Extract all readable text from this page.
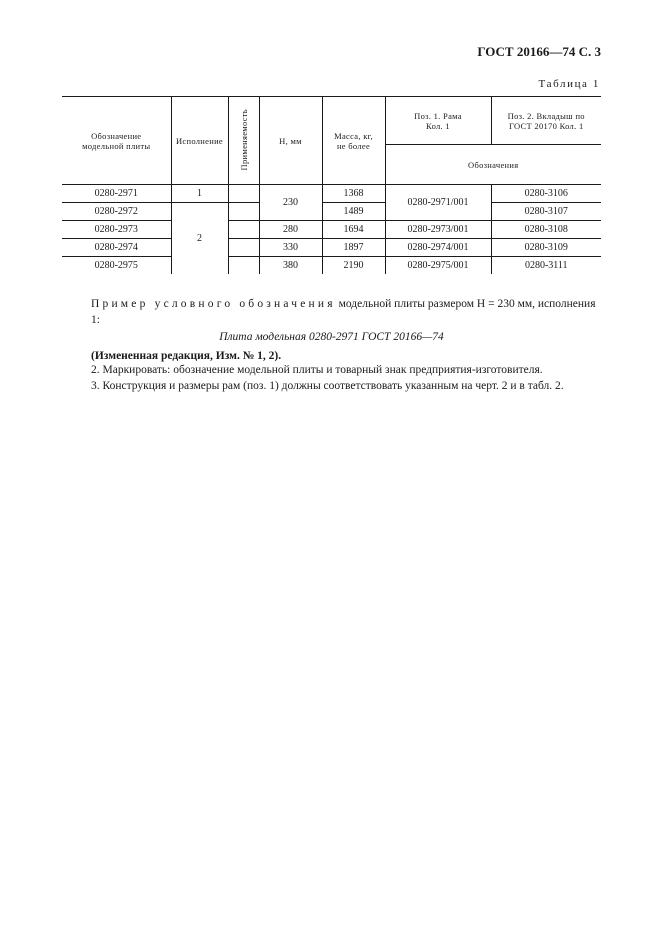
ГОСТ 20166—74 С. 3
Таблица 1
Обозначение модельной плиты	Исполнение	Применяемость	H, мм	Масса, кг, не более	Поз. 1. Рама Кол. 1	Поз. 2. Вкладыш по ГОСТ 20170 Кол. 1

					Обозначения	
0280-2971	1		230	1368	0280-2971/001	0280-3106
0280-2972	2			1489		0280-3107
0280-2973			280	1694	0280-2973/001	0280-3108
0280-2974			330	1897	0280-2974/001	0280-3109
0280-2975			380	2190	0280-2975/001	0280-3111

Пример условного обозначения модельной плиты размером H = 230 мм, исполнения 1:

Плита модельная 0280-2971 ГОСТ 20166—74

(Измененная редакция, Изм. № 1, 2).

2. Маркировать: обозначение модельной плиты и товарный знак предприятия-изготовителя.

3. Конструкция и размеры рам (поз. 1) должны соответствовать указанным на черт. 2 и в табл. 2.
